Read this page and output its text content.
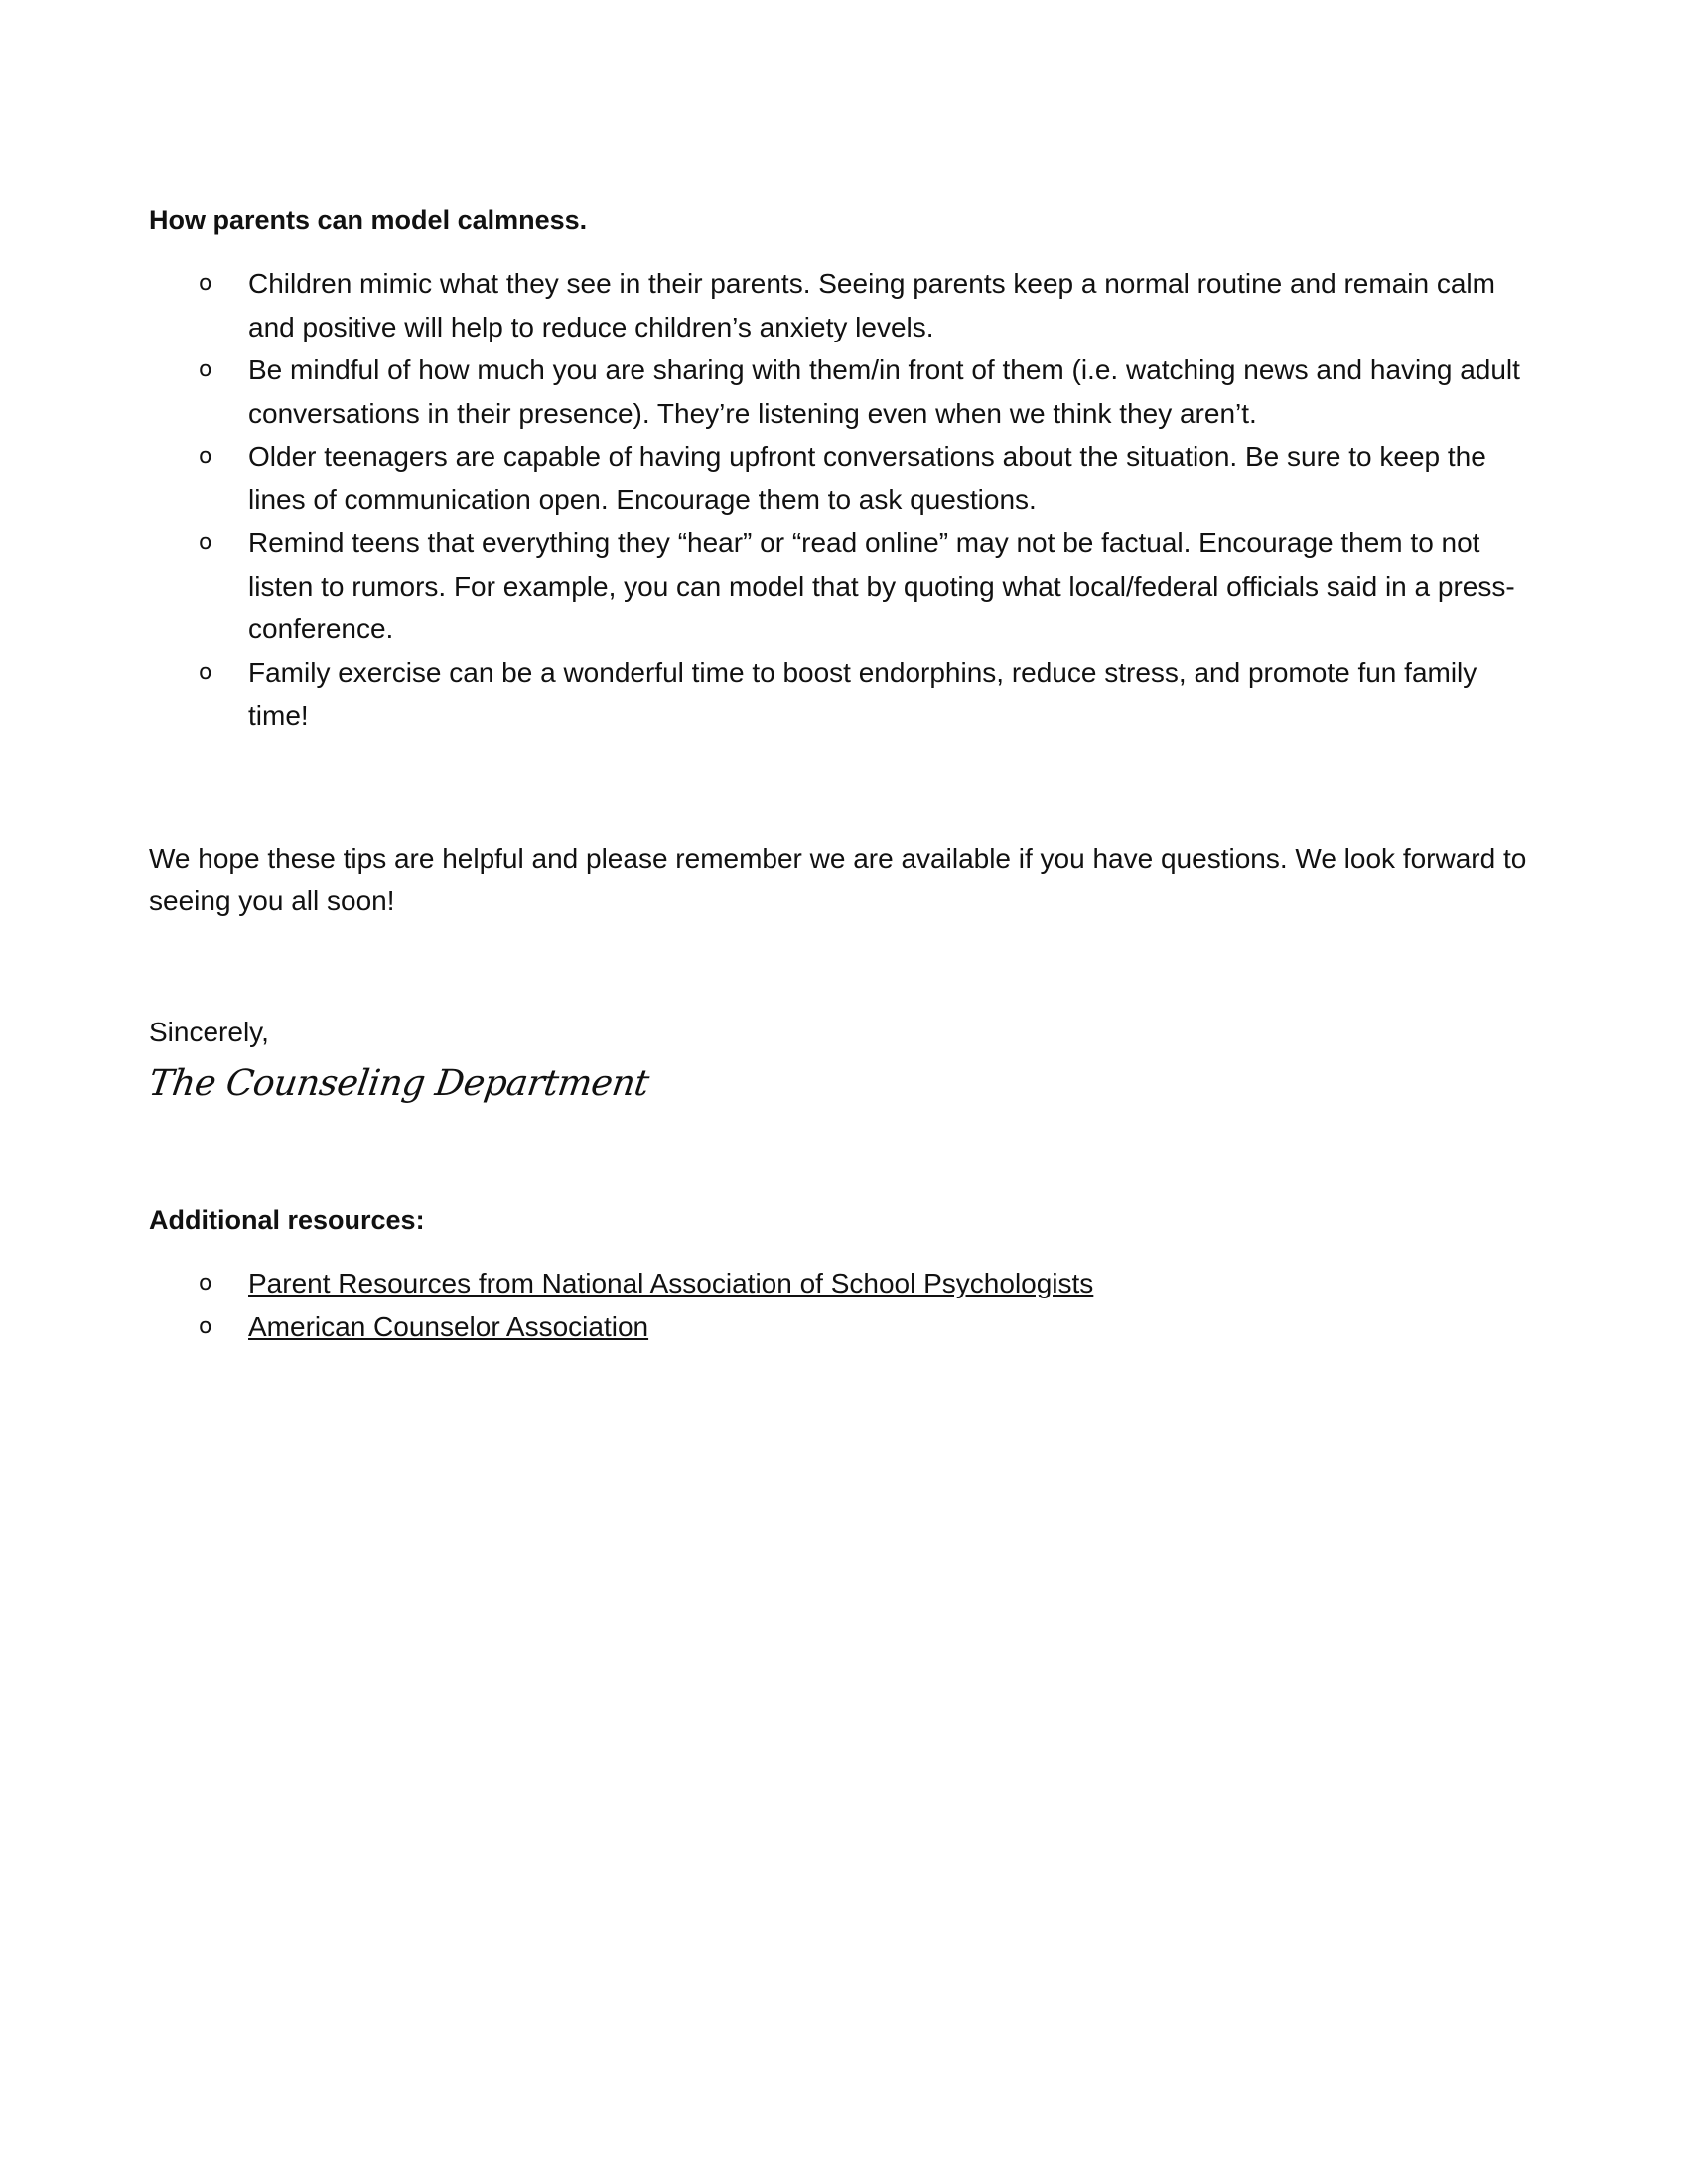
How parents can model calmness.

o Children mimic what they see in their parents. Seeing parents keep a normal routine and remain calm and positive will help to reduce children’s anxiety levels.
o Be mindful of how much you are sharing with them/in front of them (i.e. watching news and having adult conversations in their presence). They’re listening even when we think they aren’t.
o Older teenagers are capable of having upfront conversations about the situation. Be sure to keep the lines of communication open. Encourage them to ask questions.
o Remind teens that everything they “hear” or “read online” may not be factual. Encourage them to not listen to rumors. For example, you can model that by quoting what local/federal officials said in a press-conference.
o Family exercise can be a wonderful time to boost endorphins, reduce stress, and promote fun family time!

We hope these tips are helpful and please remember we are available if you have questions. We look forward to seeing you all soon!

Sincerely,

The Counseling Department

Additional resources:

o Parent Resources from National Association of School Psychologists
o American Counselor Association
